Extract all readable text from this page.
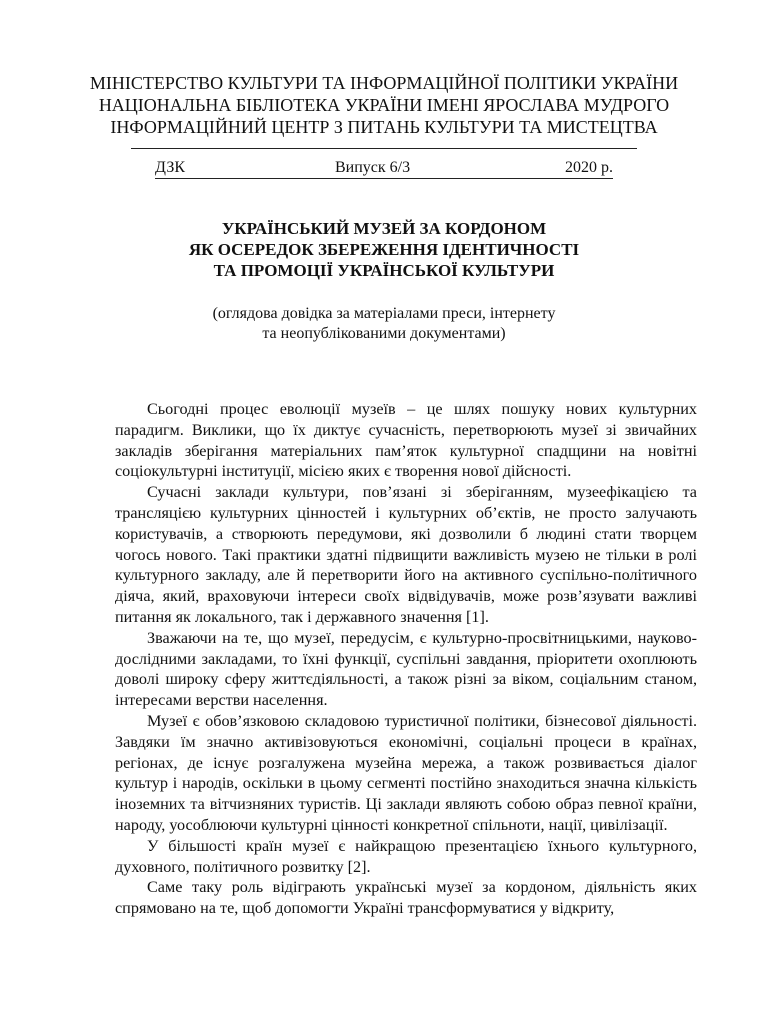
МІНІСТЕРСТВО КУЛЬТУРИ ТА ІНФОРМАЦІЙНОЇ ПОЛІТИКИ УКРАЇНИ
НАЦІОНАЛЬНА БІБЛІОТЕКА УКРАЇНИ ІМЕНІ ЯРОСЛАВА МУДРОГО
ІНФОРМАЦІЙНИЙ ЦЕНТР З ПИТАНЬ КУЛЬТУРИ ТА МИСТЕЦТВА
ДЗК	Випуск 6/3	2020 р.
УКРАЇНСЬКИЙ МУЗЕЙ ЗА КОРДОНОМ
ЯК ОСЕРЕДОК ЗБЕРЕЖЕННЯ ІДЕНТИЧНОСТІ
ТА ПРОМОЦІЇ УКРАЇНСЬКОЇ КУЛЬТУРИ
(оглядова довідка за матеріалами преси, інтернету
та неопублікованими документами)

Сьогодні процес еволюції музеїв – це шлях пошуку нових культурних парадигм. Виклики, що їх диктує сучасність, перетворюють музеї зі звичайних закладів зберігання матеріальних пам’яток культурної спадщини на новітні соціокультурні інституції, місією яких є творення нової дійсності.

Сучасні заклади культури, пов’язані зі зберіганням, музеефікацією та трансляцією культурних цінностей і культурних об’єктів, не просто залучають користувачів, а створюють передумови, які дозволили б людині стати творцем чогось нового. Такі практики здатні підвищити важливість музею не тільки в ролі культурного закладу, але й перетворити його на активного суспільно-політичного діяча, який, враховуючи інтереси своїх відвідувачів, може розв’язувати важливі питання як локального, так і державного значення [1].

Зважаючи на те, що музеї, передусім, є культурно-просвітницькими, науково-дослідними закладами, то їхні функції, суспільні завдання, пріоритети охоплюють доволі широку сферу життєдіяльності, а також різні за віком, соціальним станом, інтересами верстви населення.

Музеї є обов’язковою складовою туристичної політики, бізнесової діяльності. Завдяки їм значно активізовуються економічні, соціальні процеси в країнах, регіонах, де існує розгалужена музейна мережа, а також розвивається діалог культур і народів, оскільки в цьому сегменті постійно знаходиться значна кількість іноземних та вітчизняних туристів. Ці заклади являють собою образ певної країни, народу, уособлюючи культурні цінності конкретної спільноти, нації, цивілізації.

У більшості країн музеї є найкращою презентацією їхнього культурного, духовного, політичного розвитку [2].

Саме таку роль відіграють українські музеї за кордоном, діяльність яких спрямовано на те, щоб допомогти Україні трансформуватися у відкриту,
